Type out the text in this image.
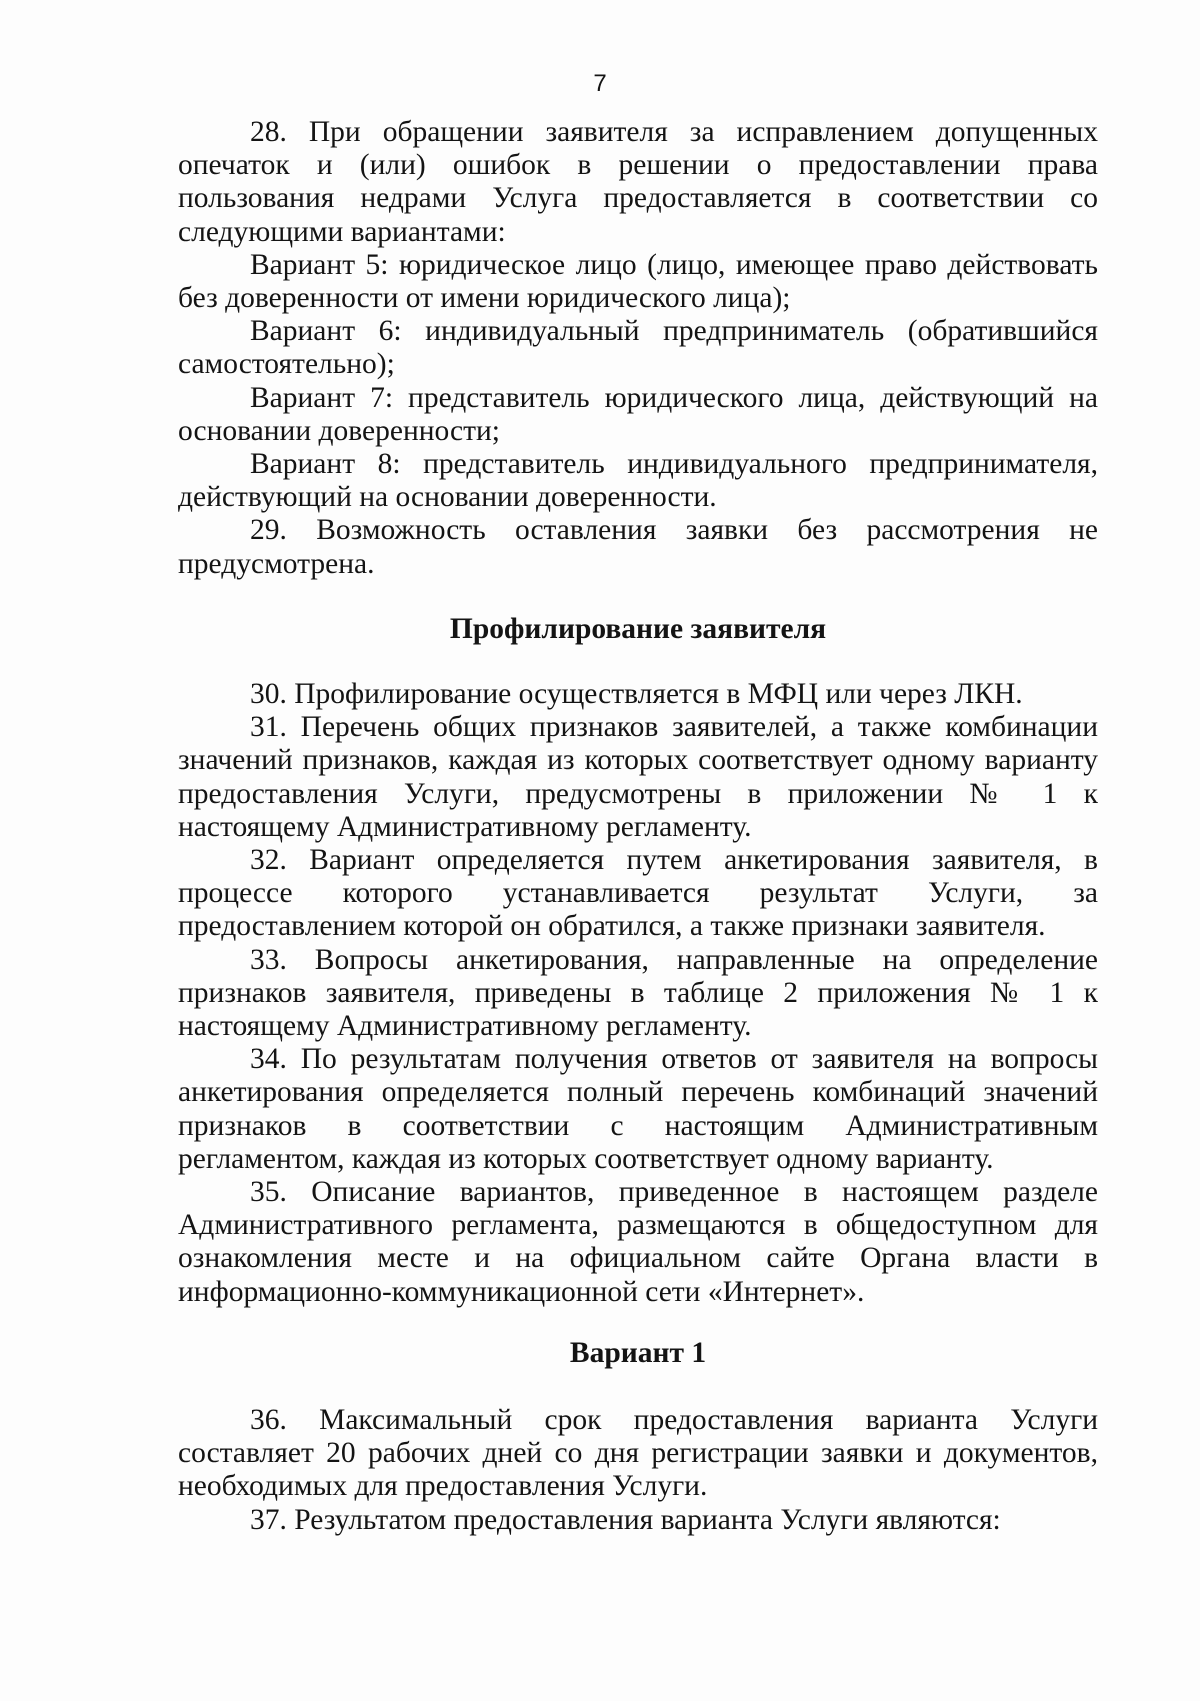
7

28. При обращении заявителя за исправлением допущенных опечаток и (или) ошибок в решении о предоставлении права пользования недрами Услуга предоставляется в соответствии со следующими вариантами:

Вариант 5: юридическое лицо (лицо, имеющее право действовать без доверенности от имени юридического лица);

Вариант 6: индивидуальный предприниматель (обратившийся самостоятельно);

Вариант 7: представитель юридического лица, действующий на основании доверенности;

Вариант 8: представитель индивидуального предпринимателя, действующий на основании доверенности.

29. Возможность оставления заявки без рассмотрения не предусмотрена.

Профилирование заявителя

30. Профилирование осуществляется в МФЦ или через ЛКН.

31. Перечень общих признаков заявителей, а также комбинации значений признаков, каждая из которых соответствует одному варианту предоставления Услуги, предусмотрены в приложении № 1 к настоящему Административному регламенту.

32. Вариант определяется путем анкетирования заявителя, в процессе которого устанавливается результат Услуги, за предоставлением которой он обратился, а также признаки заявителя.

33. Вопросы анкетирования, направленные на определение признаков заявителя, приведены в таблице 2 приложения № 1 к настоящему Административному регламенту.

34. По результатам получения ответов от заявителя на вопросы анкетирования определяется полный перечень комбинаций значений признаков в соответствии с настоящим Административным регламентом, каждая из которых соответствует одному варианту.

35. Описание вариантов, приведенное в настоящем разделе Административного регламента, размещаются в общедоступном для ознакомления месте и на официальном сайте Органа власти в информационно-коммуникационной сети «Интернет».

Вариант 1

36. Максимальный срок предоставления варианта Услуги составляет 20 рабочих дней со дня регистрации заявки и документов, необходимых для предоставления Услуги.

37. Результатом предоставления варианта Услуги являются:
